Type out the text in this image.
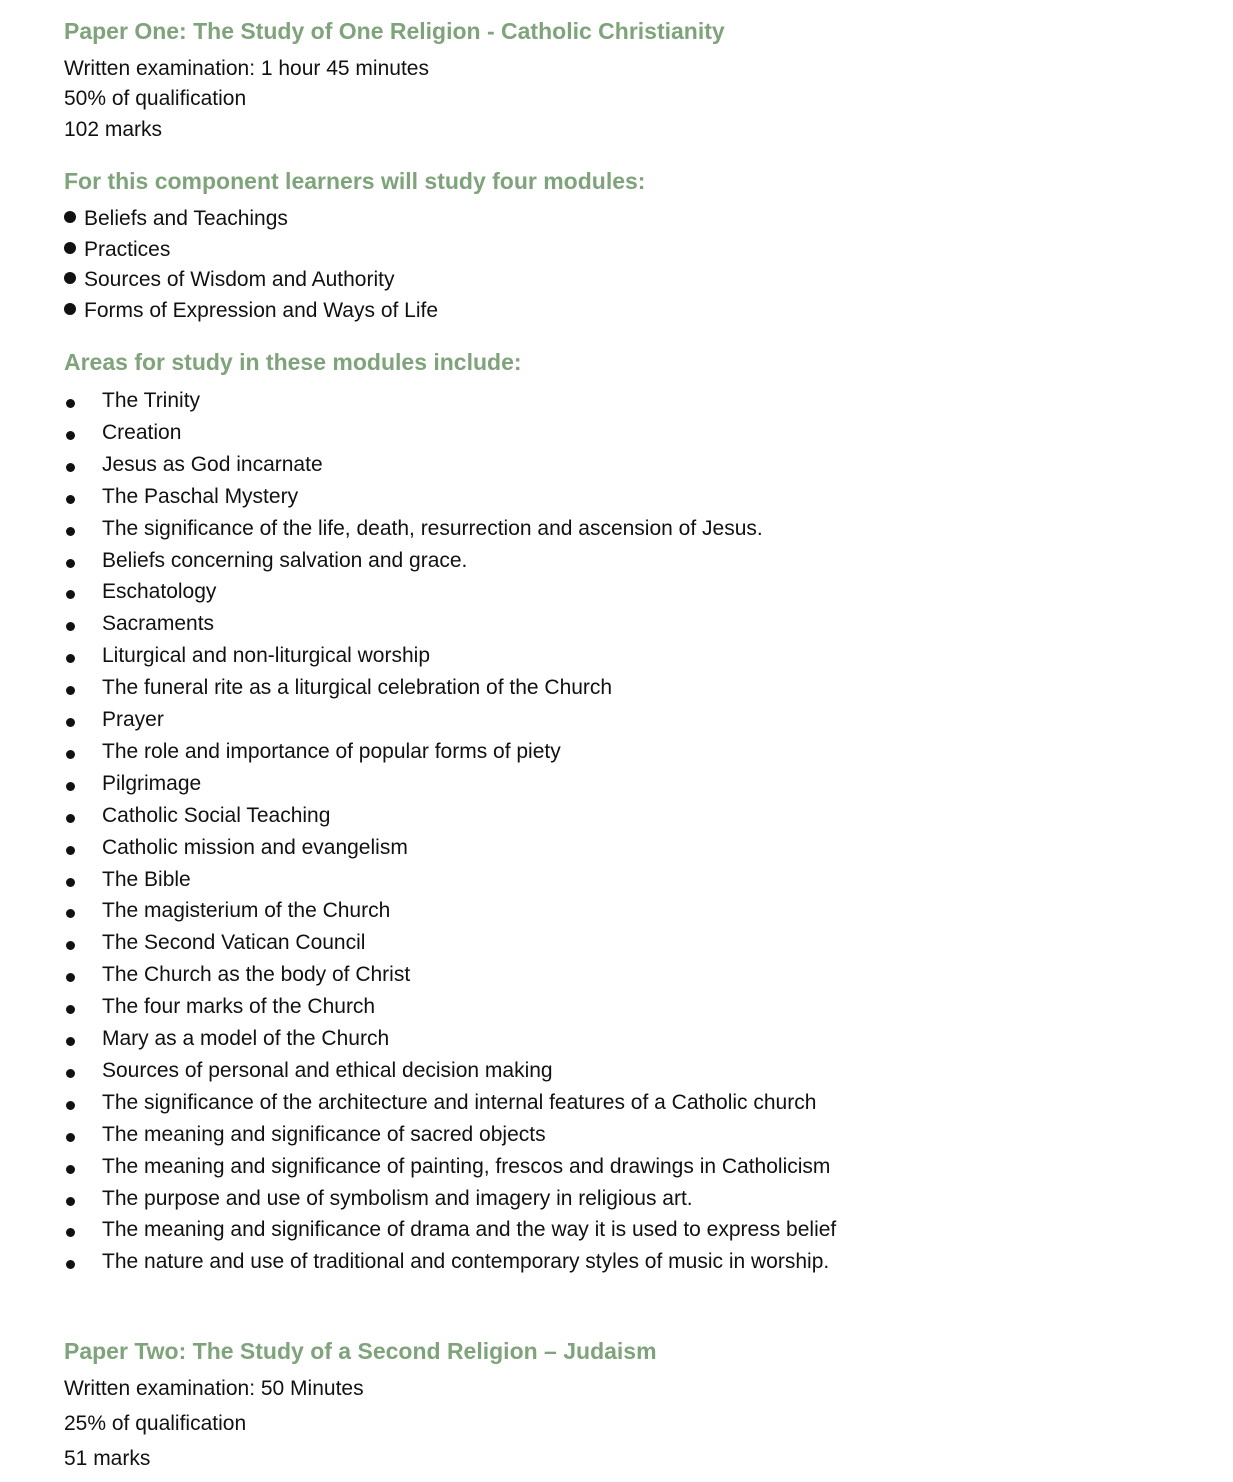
Paper One: The Study of One Religion - Catholic Christianity
Written examination: 1 hour 45 minutes
50% of qualification
102 marks
For this component learners will study four modules:
Beliefs and Teachings
Practices
Sources of Wisdom and Authority
Forms of Expression and Ways of Life
Areas for study in these modules include:
The Trinity
Creation
Jesus as God incarnate
The Paschal Mystery
The significance of the life, death, resurrection and ascension of Jesus.
Beliefs concerning salvation and grace.
Eschatology
Sacraments
Liturgical and non-liturgical worship
The funeral rite as a liturgical celebration of the Church
Prayer
The role and importance of popular forms of piety
Pilgrimage
Catholic Social Teaching
Catholic mission and evangelism
The Bible
The magisterium of the Church
The Second Vatican Council
The Church as the body of Christ
The four marks of the Church
Mary as a model of the Church
Sources of personal and ethical decision making
The significance of the architecture and internal features of a Catholic church
The meaning and significance of sacred objects
The meaning and significance of painting, frescos and drawings in Catholicism
The purpose and use of symbolism and imagery in religious art.
The meaning and significance of drama and the way it is used to express belief
The nature and use of traditional and contemporary styles of music in worship.
Paper Two: The Study of a Second Religion – Judaism
Written examination: 50 Minutes
25% of qualification
51 marks
